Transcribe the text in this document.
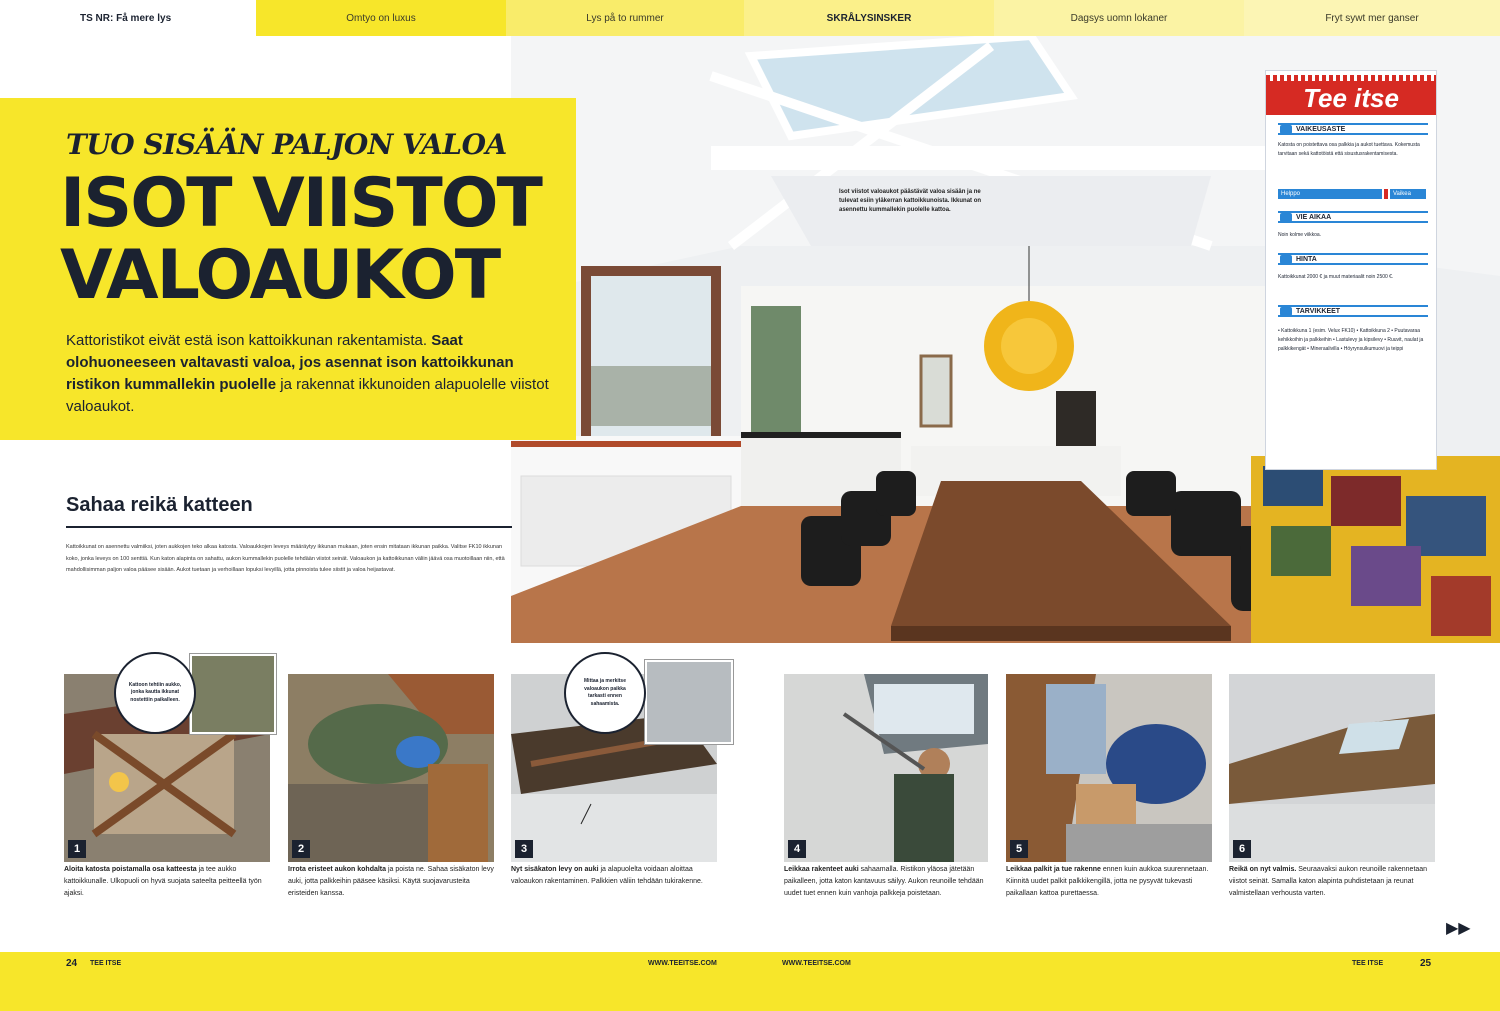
TS NR: Få mere lys	Omtyo on luxus	Lys på to rummer	SKRÅLYSINSKER	Dagsys uomn lokaner	Fryt sywt mer ganser
Isot viistot valoaukot päästävät valoa sisään ja ne tulevat esiin yläkerran kattoikkunoista. Ikkunat on asennettu kummallekin puolelle kattoa.
Tee itse
VAIKEUSASTE
Katosta on poistettava osa palkkia ja aukot tuettava. Kokemusta tarvitaan sekä kattotöistä että sisustusrakentamisesta.
Helppo	Vaikea
VIE AIKAA
Noin kolme viikkoa.
HINTA
Kattoikkunat 2000 € ja muut materiaalit noin 2500 €.
TARVIKKEET
• Kattoikkuna 1 (esim. Velux FK10) • Kattoikkuna 2 • Puutavaraa kehikkoihin ja palkkeihin • Lastulevy ja kipsilevy • Ruuvit, naulat ja palkkikengät • Mineraalivilla • Höyrynsulkumuovi ja teippi
TUO SISÄÄN PALJON VALOA
ISOT VIISTOT
VALOAUKOT
Kattoristikot eivät estä ison kattoikkunan rakentamista. Saat olohuoneeseen valtavasti valoa, jos asennat ison kattoikkunan ristikon kummallekin puolelle ja rakennat ikkunoiden alapuolelle viistot valoaukot.
Sahaa reikä katteen
Kattoikkunat on asennettu valmiiksi, joten aukkojen teko alkaa katosta. Valoaukkojen leveys määräytyy ikkunan mukaan, joten ensin mitataan ikkunan paikka. Valitse FK10 ikkunan koko, jonka leveys on 100 senttiä. Kun katon alapinta on sahattu, aukon kummallekin puolelle tehdään viistot seinät. Valoaukon ja kattoikkunan väliin jäävä osa muotoillaan niin, että mahdollisimman paljon valoa pääsee sisään. Aukot tuetaan ja verhoillaan lopuksi levyillä, jotta pinnoista tulee siistit ja valoa heijastavat.
1
Kattoon tehtiin aukko, jonka kautta ikkunat nostettiin paikalleen.
2	3
Mittaa ja merkitse valoaukon paikka tarkasti ennen sahaamista.
4	5	6
Aloita katosta poistamalla osa katteesta ja tee aukko kattoikkunalle. Ulkopuoli on hyvä suojata sateelta peitteellä työn ajaksi.
Irrota eristeet aukon kohdalta ja poista ne. Sahaa sisäkaton levy auki, jotta palkkeihin pääsee käsiksi. Käytä suojavarusteita eristeiden kanssa.
Nyt sisäkaton levy on auki ja alapuolelta voidaan aloittaa valoaukon rakentaminen. Palkkien väliin tehdään tukirakenne.
Leikkaa rakenteet auki sahaamalla. Ristikon yläosa jätetään paikalleen, jotta katon kantavuus säilyy. Aukon reunoille tehdään uudet tuet ennen kuin vanhoja palkkeja poistetaan.
Leikkaa palkit ja tue rakenne ennen kuin aukkoa suurennetaan. Kiinnitä uudet palkit palkkikengillä, jotta ne pysyvät tukevasti paikallaan kattoa purettaessa.
Reikä on nyt valmis. Seuraavaksi aukon reunoille rakennetaan viistot seinät. Samalla katon alapinta puhdistetaan ja reunat valmistellaan verhousta varten.
▶▶
24 TEE ITSE	WWW.TEEITSE.COM	WWW.TEEITSE.COM	TEE ITSE	25
